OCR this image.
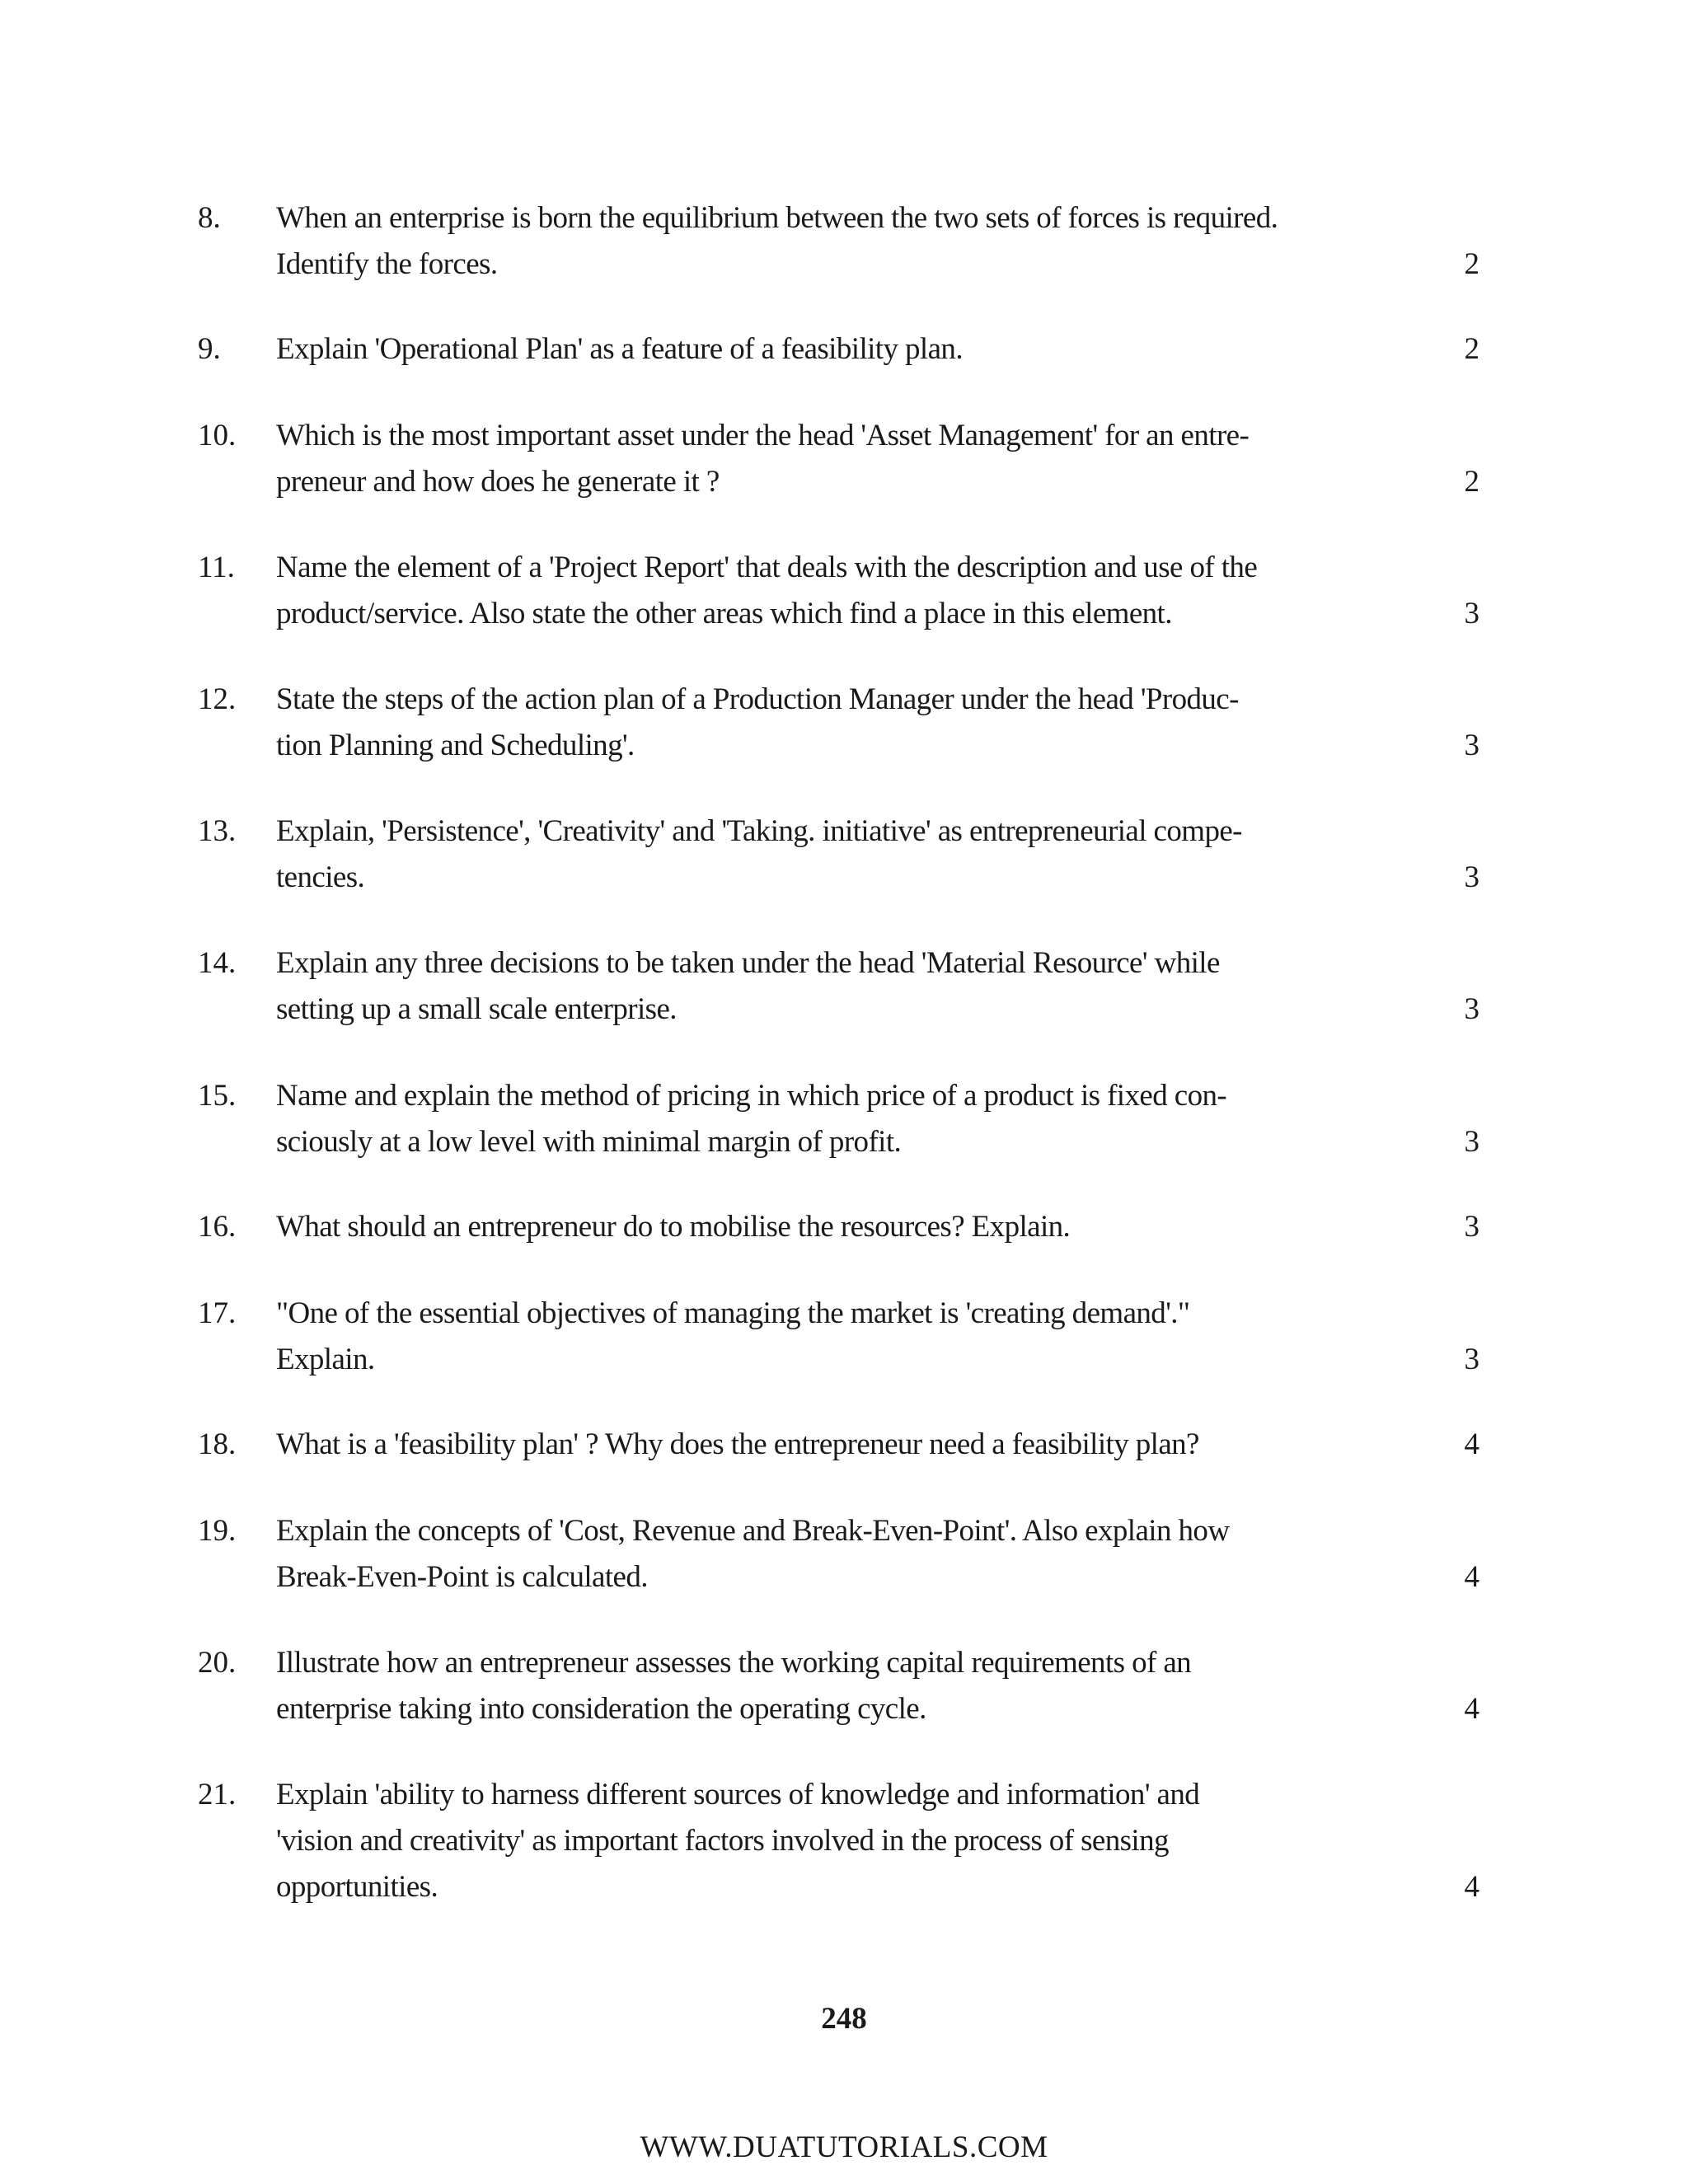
8. When an enterprise is born the equilibrium between the two sets of forces is required.
Identify the forces.	2
9. Explain 'Operational Plan' as a feature of a feasibility plan.	2
10. Which is the most important asset under the head 'Asset Management' for an entre-
preneur and how does he generate it ?	2
11. Name the element of a 'Project Report' that deals with the description and use of the
product/service. Also state the other areas which find a place in this element.	3
12. State the steps of the action plan of a Production Manager under the head 'Produc-
tion Planning and Scheduling'.	3
13. Explain, 'Persistence', 'Creativity' and 'Taking. initiative' as entrepreneurial compe-
tencies.	3
14. Explain any three decisions to be taken under the head 'Material Resource' while
setting up a small scale enterprise.	3
15. Name and explain the method of pricing in which price of a product is fixed con-
sciously at a low level with minimal margin of profit.	3
16. What should an entrepreneur do to mobilise the resources? Explain.	3
17. "One of the essential objectives of managing the market is 'creating demand'."
Explain.	3
18. What is a 'feasibility plan' ? Why does the entrepreneur need a feasibility plan?	4
19. Explain the concepts of 'Cost, Revenue and Break-Even-Point'. Also explain how
Break-Even-Point is calculated.	4
20. Illustrate how an entrepreneur assesses the working capital requirements of an
enterprise taking into consideration the operating cycle.	4
21. Explain 'ability to harness different sources of knowledge and information' and
'vision and creativity' as important factors involved in the process of sensing
opportunities.	4
248
WWW.DUATUTORIALS.COM
